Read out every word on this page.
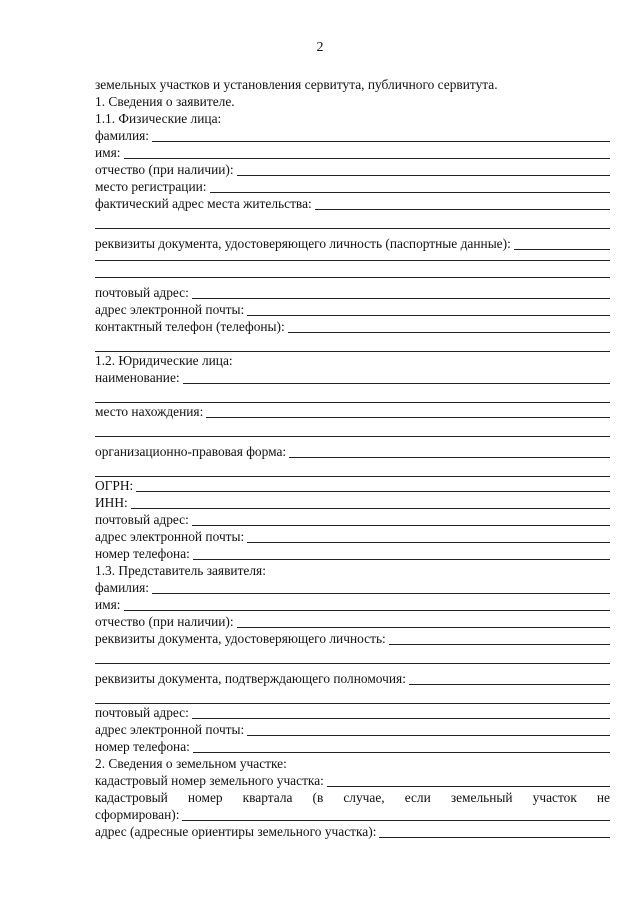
2
земельных участков и установления сервитута, публичного сервитута.
1. Сведения о заявителе.
1.1. Физические лица:
фамилия:
имя:
отчество (при наличии):
место регистрации:
фактический адрес места жительства:
реквизиты документа, удостоверяющего личность (паспортные данные):
почтовый адрес:
адрес электронной почты:
контактный телефон (телефоны):
1.2. Юридические лица:
наименование:
место нахождения:
организационно-правовая форма:
ОГРН:
ИНН:
почтовый адрес:
адрес электронной почты:
номер телефона:
1.3. Представитель заявителя:
фамилия:
имя:
отчество (при наличии):
реквизиты документа, удостоверяющего личность:
реквизиты документа, подтверждающего полномочия:
почтовый адрес:
адрес электронной почты:
номер телефона:
2. Сведения о земельном участке:
кадастровый номер земельного участка:
кадастровый номер квартала (в случае, если земельный участок не
сформирован):
адрес (адресные ориентиры земельного участка):
